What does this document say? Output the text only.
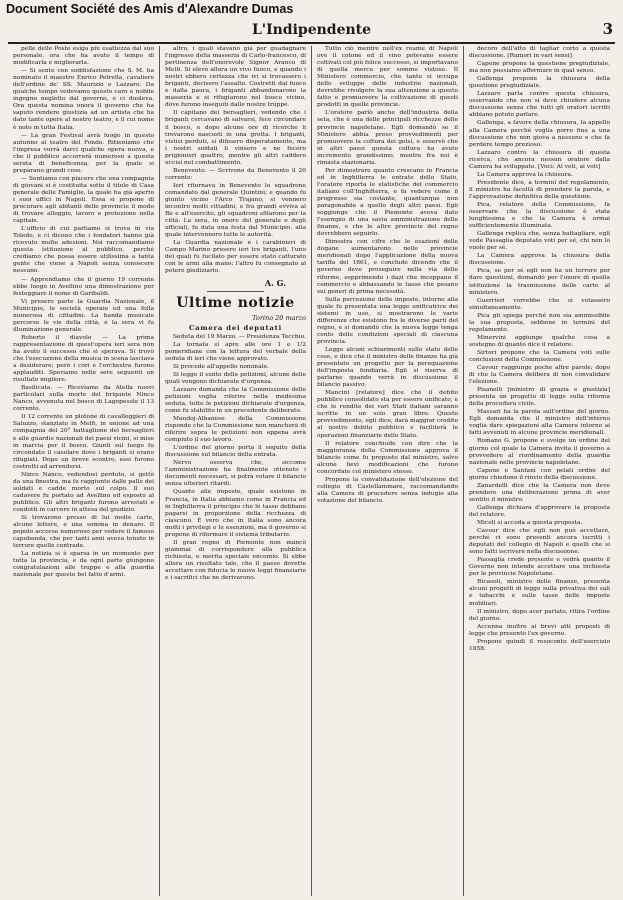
Document Société des Amis d'Alexandre Dumas
L'Indipendente	3

pelle delle Poste esiga più esattezza dal suo personale, ora che ha avuto il tempo di modificarla e migliorarla.

— Si sente con soddisfazione che S. M. ha nominato il maestro Enrico Petrella, cavaliere dell'ordine de' SS. Maurizio e Lazzaro. Da qualche tempo vedevamo questo caro e nobile ingegno negletto dal governo, e ci duoleva. Ora questa nomina onora il governo che ha saputo rendere giustizia ad un artista che ha dato tante opere al nostro teatro, e il cui nome è noto in tutta Italia.

— La gran Festival avrà luogo in questo autunno al teatro del Fondo. Ritieniamo che l'impresa vorrà darci qualche opera nuova, e che il pubblico accorrerà numeroso a questa serata di beneficenza, per la quale si preparano grandi cose.

— Sentiamo con piacere che una compagnia di giovani si è costituita sotto il titolo di Casa generale delle Famiglie, la quale ha già aperto i suoi uffici in Napoli. Essa si propone di procurare agli abitanti delle provincie il modo di trovare alloggio, lavoro e protezione nella capitale.

L'ufficio di cui parliamo si trova in via Toledo, e ci dicono che i fondatori hanno già ricevuto molte adesioni. Noi raccomandiamo questa istituzione al pubblico, perché crediamo che possa essere utilissima a tanta gente che viene a Napoli senza conoscere nessuno.

— Apprendiamo che il giorno 19 corrente ebbe luogo in Avellino una dimostrazione per festeggiare il nome di Garibaldi.

Vi presero parte la Guardia Nazionale, il Municipio, le società operaie ed una folla numerosa di cittadini. La banda musicale percorse le vie della città, e la sera vi fu illuminazione generale.

Roberto il diavolo — La prima rappresentazione di quest'opera ieri sera non ha avuto il successo che si sperava. Si trovò che l'esecuzione della musica in scena lasciava a desiderare; però i cori e l'orchestra furono applauditi. Speriamo nelle sere seguenti un risultato migliore.

Basilicata. — Riceviamo da Atella nuovi particolari sulla morte del brigante Ninco Nanco, avvenuta nel bosco di Lagopesole il 13 corrente.

Il 12 corrente un plotone di cavalleggieri di Saluzzo, stanziato in Melfi, in unione ad una compagnia del 20° battaglione dei bersaglieri e alle guardie nazionali dei paesi vicini, si mise in marcia per il bosco. Giunti sul luogo fu circondato il casolare dove i briganti si erano rifugiati. Dopo un breve scontro, essi furono costretti ad arrendersi.

Ninco Nanco, vedendosi perduto, si gettò da una finestra, ma fu raggiunto dalle palle dei soldati e cadde morto sul colpo. Il suo cadavere fu portato ad Avellino ed esposto al pubblico. Gli altri briganti furono arrestati e condotti in carcere in attesa del giudizio.

Si trovarono presso di lui molte carte, alcune lettere, e una somma in denaro. Il popolo accorse numeroso per vedere il famoso capobanda, che per tanti anni aveva tenuto in terrore quelle contrade.

La notizia si è sparsa in un momento per tutta la provincia, e da ogni parte giungono congratulazioni alle truppe e alla guardia nazionale per questo bel fatto d'armi.

altro, i quali stavano già per guadagnare l'ingresso della masseria di Carlo-francesco, di pertinenza dell'onorevole Signor Aranco di Melfi. Si elevò allora un vivo fuoco, e quando i nostri ebbero certezza che ivi si trovassero i briganti, decisero l'assalto. Costretti dal fuoco e dalla paura, i briganti abbandonarono la masseria e si rifugiarono nel bosco vicino, dove furono inseguiti dalle nostre truppe.

Il capitano dei bersaglieri, vedendo che i briganti cercavano di salvarsi, fece circondare il bosco, e dopo alcune ore di ricerche li trovarono nascosti in una grotta. I briganti, vistisi perduti, si difesero disperatamente, ma i nostri soldati li vinsero e ne fecero prigionieri quattro, mentre gli altri caddero uccisi nel combattimento.

Benevento. — Scrivono da Benevento il 20 corrente:

Ieri ritornava in Benevento lo squadrone comandato dal generale Quintini; e quando fu giunto vicino l'Arco Trajano, si vennero incontro molti cittadini, e fra grandi evviva al Re e all'esercito, gli squadroni sfilarono per la città. La sera, in onore del generale e degli ufficiali, fu data una festa dal Municipio, alla quale intervennero tutte le autorità.

La Guardia nazionale e i carabinieri di Campo Marino presero ieri tre briganti, l'uno dei quali fu fucilato per essere stato catturato con le armi alla mano; l'altro fu consegnato al potere giudiziario.

A. G.
Ultime notizie
Torino 20 marzo
Camera dei deputati

Seduta del 19 Marzo. — Presidenza Tecchio.

La tornata si apre alle ore 1 e 1/2 pomeridiane con la lettura del verbale della seduta di ieri che viene approvato.

Si procede all'appello nominale.

Si legge il sunto delle petizioni, alcune delle quali vengono dichiarate d'urgenza.

Lazzaro domanda che la Commissione delle petizioni voglia riferire nella medesima seduta, tutte le petizioni dichiarate d'urgenza, come fu stabilito in un precedente deliberato.

Mandoj-Albanese della Commissione risponde che la Commissione non mancherà di riferire sopra le petizioni non appena avrà compiuto il suo lavoro.

L'ordine del giorno porta il seguito della discussione sul bilancio della entrata.

Nervo osserva che, siccome l'amministrazione ha finalmente ottenuto i documenti necessari, si potrà votare il bilancio senza ulteriori ritardi.

Quanto alle imposte, quale esistono in Francia, in Italia abbiamo come in Francia ed in Inghilterra il principio che le tasse debbano pagarsi in proporzione della ricchezza di ciascuno. È vero che in Italia sono ancora molti i privilegi e le esenzioni, ma il governo si propone di riformare il sistema tributario.

Il gran regno di Piemonte non mancò giammai di corrispondere alla pubblica richiesta, e merita speciale encomio. Si ebbe allora un risultato tale, che il paese dovette accettare con fiducia le nuove leggi finanziarie e i sacrifici che ne derivarono.

Tutto ciò mentre nell'ex reame di Napoli ove il cotone ed il vino potevano essere coltivati col più felice successo, si importavano di quella merce per somme vistose. Il Ministero commercio, che tanto si occupa dello sviluppo delle industrie nazionali, dovrebbe rivolgere la sua attenzione a questo fatto e promuovere la coltivazione di questi prodotti in quelle provincie.

L'oratore parlò anche dell'industria della seta, che è una delle principali ricchezze delle provincie napoletane. Egli domandò se il Ministero abbia preso provvedimenti per promuovere la coltura dei gelsi, e osservò che in altri paesi questa coltura ha avuto incremento grandissimo, mentre fra noi è rimasta stazionaria.

Per dimostrare quanto crescano in Francia ed in Inghilterra le entrate dello Stato, l'oratore riporta le statistiche del commercio italiano coll'Inghilterra, e fa vedere come il progresso sia costante, quantunque non paragonabile a quello degli altri paesi. Egli soggiunge che il Piemonte aveva dato l'esempio di una savia amministrazione delle finanze, e che le altre provincie del regno dovrebbero seguirlo.

Dimostra con cifre che le esazioni delle dogane aumentarono nelle provincie meridionali dopo l'applicazione della nuova tariffa del 1861, e conclude dicendo che il governo deve proseguire nella via delle riforme, sopprimendo i dazi che inceppano il commercio e abbassando le tasse che pesano sui generi di prima necessità.

Sulla percezione delle imposte, intorno alla quale fu presentata una legge unificatrice dei sistemi in uso, si mostrarono le varie differenze che esistono fra le diverse parti del regno, e si domandò che la nuova legge tenga conto delle condizioni speciali di ciascuna provincia.

Legge alcuni schiarimenti sullo stato delle cose, e dice che il ministro delle finanze ha già presentato un progetto per la perequazione dell'imposta fondiaria. Egli si riserva di parlarne quando verrà in discussione il bilancio passivo.

Mancini [relatore] dice che il debito pubblico consolidato sta per essere unificato, e che le rendite dei vari Stati italiani saranno iscritte in un solo gran libro. Questo provvedimento, egli dice, darà maggior credito al nostro debito pubblico e faciliterà le operazioni finanziarie dello Stato.

Il relatore conchiude con dire che la maggioranza della Commissione approva il bilancio come fu proposto dal ministro, salvo alcune lievi modificazioni che furono concordate col ministero stesso.

Propone la convalidazione dell'elezione del collegio di Castellammare, raccomandando alla Camera di procedere senza indugio alla votazione del bilancio.

decoro dell'atto di tagliar corto a questa discussione. [Rumori in vari sensi]

Capone propone la questione pregiudiziale, ma non possiamo affermare in qual senso.

Gallenga propone la chiusura della questione pregiudiziale.

Lazzaro parla contro questa chiusura, osservando che non si deve chiudere alcuna discussione senza che tutti gli oratori iscritti abbiano potuto parlare.

Gallenga, a favore della chiusura, fa appello alla Camera perché voglia porre fine a una discussione che non giova a nessuno e che fa perdere tempo prezioso.

Lazzaro contro la chiusura di questa ricerca, che ancora nessun oratore dalla Camera ha sviluppato. [Voci: Ai voti, ai voti]

La Camera approva la chiusura.

Presidente dice, a termini del regolamento, il ministro ha facoltà di prendere la parola, e l'approvazione definitiva della questione.

Pica, relatore della Commissione, fa osservare che la discussione è stata lunghissima e che la Camera è ormai sufficientemente illuminata.

Gallenga replica che, senza battagliare, egli vede Passaglia deputato voti per sé, chi non lo vuole per sé.

La Camera approva la chiusura della discussione.

Pica, se per sé egli non ha un terrore per dare questioni, domandò per l'onore di quella istituzione la trasmissione delle carte al ministero.

Guerrieri vorrebbe che si votassero simultaneamente.

Pica gli spiega perché non sia ammissibile la sua proposta, sebbene in termini del regolamento.

Minervini aggiunge qualche cosa a sostegno di quanto dice il relatore.

Sirtori propone che la Camera voti sulle conclusioni della Commissione.

Cavour raggiunge poche altre parole; dopo di che la Camera delibera di non convalidare l'elezione.

Pisanelli [ministro di grazia e giustizia] presenta un progetto di legge sulla riforma della procedura civile.

Massari ha la parola sull'ordine del giorno. Egli domanda che il ministro dell'interno voglia dare spiegazioni alla Camera intorno ai fatti avvenuti in alcune provincie meridionali.

Romano G. propone e svolge un ordine del giorno col quale la Camera invita il governo a provvedere al riordinamento della guardia nazionale nelle provincie napoletane.

Capone e Sanfani con pelati ordini del giorno chiedono il rinvio della discussione.

Zanardelli dice che la Camera non deve prendere una deliberazione prima di aver sentito il ministro.

Gallenga dichiara d'approvare la proposta del relatore.

Miceli si accoda a questa proposta.

Cavour dice che egli non può accettare, perché ci sono presenti ancora iscritti i deputati del collegio di Napoli e quelli che si sono fatti iscrivere nella discussione.

Passaglia crede presente e vedrà quanto il Governo non intende accettare una inchiesta per le provincie Napoletane.

Ricasoli, ministro delle finanze, presenta alcuni progetti di legge sulla privativa dei sali e tabacchi e sulle tasse delle imposte mobiliari.

Il ministro, dopo aver parlato, ritira l'ordine del giorno.

Accenna inoltre ai brevi atti proposti di legge che presentò l'ex governo.

Propone quindi il resoconto dell'esercizio 1858.
